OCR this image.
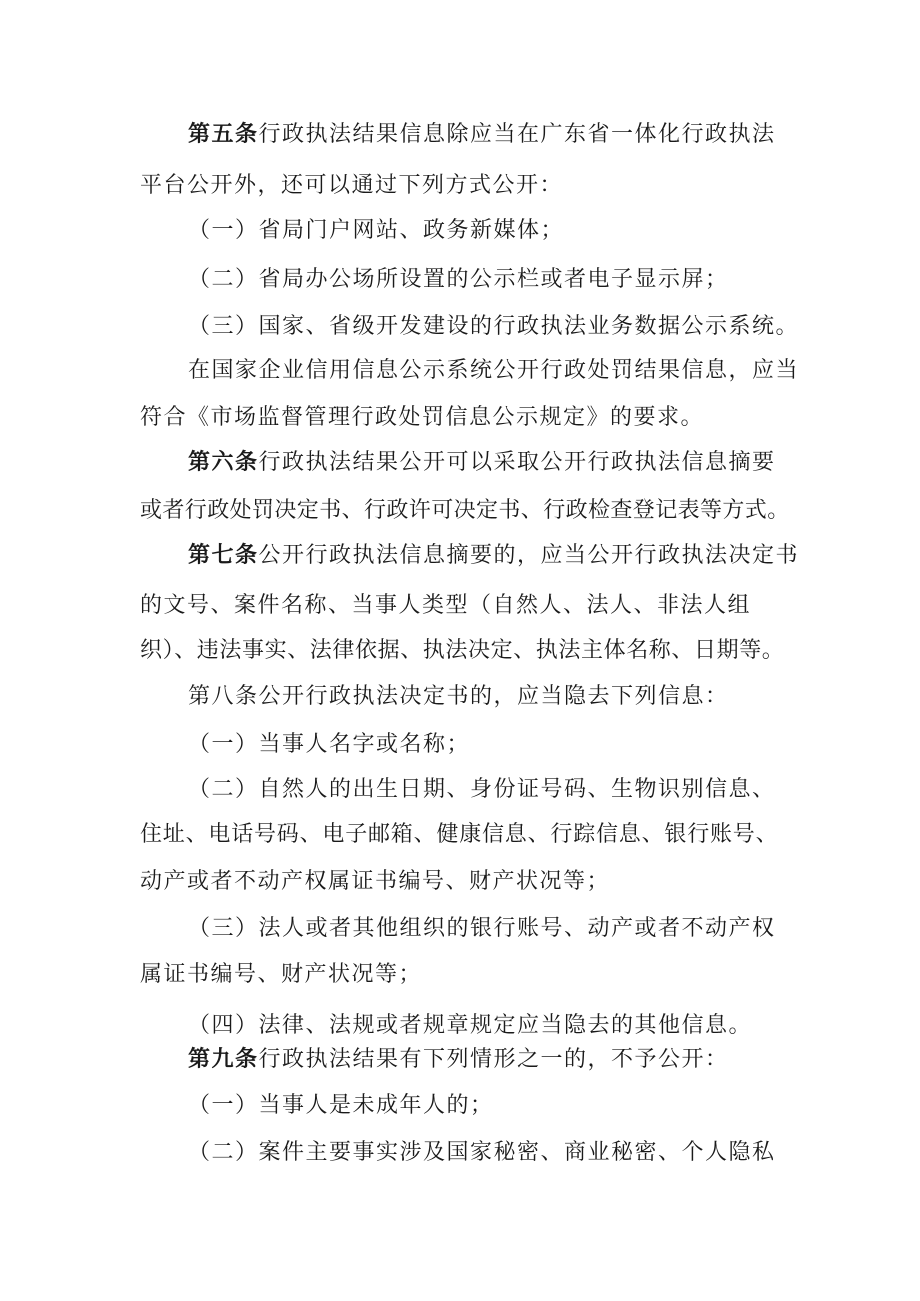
第五条行政执法结果信息除应当在广东省一体化行政执法
平台公开外，还可以通过下列方式公开：
（一）省局门户网站、政务新媒体；
（二）省局办公场所设置的公示栏或者电子显示屏；
（三）国家、省级开发建设的行政执法业务数据公示系统。
在国家企业信用信息公示系统公开行政处罚结果信息，应当
符合《市场监督管理行政处罚信息公示规定》的要求。
第六条行政执法结果公开可以采取公开行政执法信息摘要
或者行政处罚决定书、行政许可决定书、行政检查登记表等方式。
第七条公开行政执法信息摘要的，应当公开行政执法决定书
的文号、案件名称、当事人类型（自然人、法人、非法人组
织）、违法事实、法律依据、执法决定、执法主体名称、日期等。
第八条公开行政执法决定书的，应当隐去下列信息：
（一）当事人名字或名称；
（二）自然人的出生日期、身份证号码、生物识别信息、
住址、电话号码、电子邮箱、健康信息、行踪信息、银行账号、
动产或者不动产权属证书编号、财产状况等；
（三）法人或者其他组织的银行账号、动产或者不动产权
属证书编号、财产状况等；
（四）法律、法规或者规章规定应当隐去的其他信息。
第九条行政执法结果有下列情形之一的，不予公开：
（一）当事人是未成年人的；
（二）案件主要事实涉及国家秘密、商业秘密、个人隐私
